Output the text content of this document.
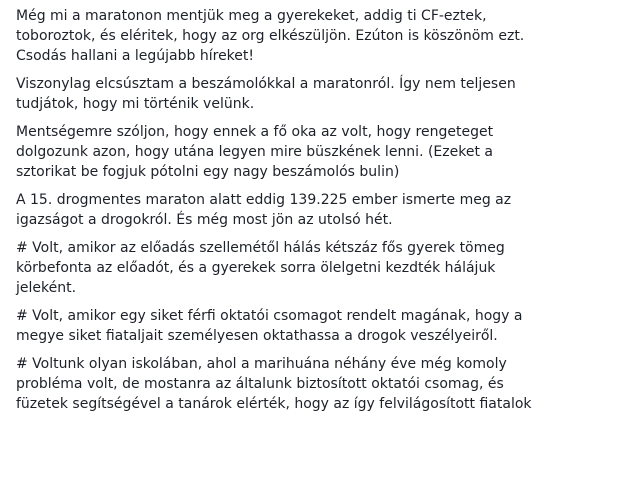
Még mi a maratonon mentjük meg a gyerekeket, addig ti CF-eztek,
toboroztok, és eléritek, hogy az org elkészüljön. Ezúton is köszönöm ezt.
Csodás hallani a legújabb híreket!

Viszonylag elcsúsztam a beszámolókkal a maratonról. Így nem teljesen
tudjátok, hogy mi történik velünk.

Mentségemre szóljon, hogy ennek a fő oka az volt, hogy rengeteget
dolgozunk azon, hogy utána legyen mire büszkének lenni. (Ezeket a
sztorikat be fogjuk pótolni egy nagy beszámolós bulin)

A 15. drogmentes maraton alatt eddig 139.225 ember ismerte meg az
igazságot a drogokról. És még most jön az utolsó hét.

# Volt, amikor az előadás szellemétől hálás kétszáz fős gyerek tömeg
körbefonta az előadót, és a gyerekek sorra ölelgetni kezdték hálájuk
jeleként.

# Volt, amikor egy siket férfi oktatói csomagot rendelt magának, hogy a
megye siket fiataljait személyesen oktathassa a drogok veszélyeiről.

# Voltunk olyan iskolában, ahol a marihuána néhány éve még komoly
probléma volt, de mostanra az általunk biztosított oktatói csomag, és
füzetek segítségével a tanárok elérték, hogy az így felvilágosított fiatalok
